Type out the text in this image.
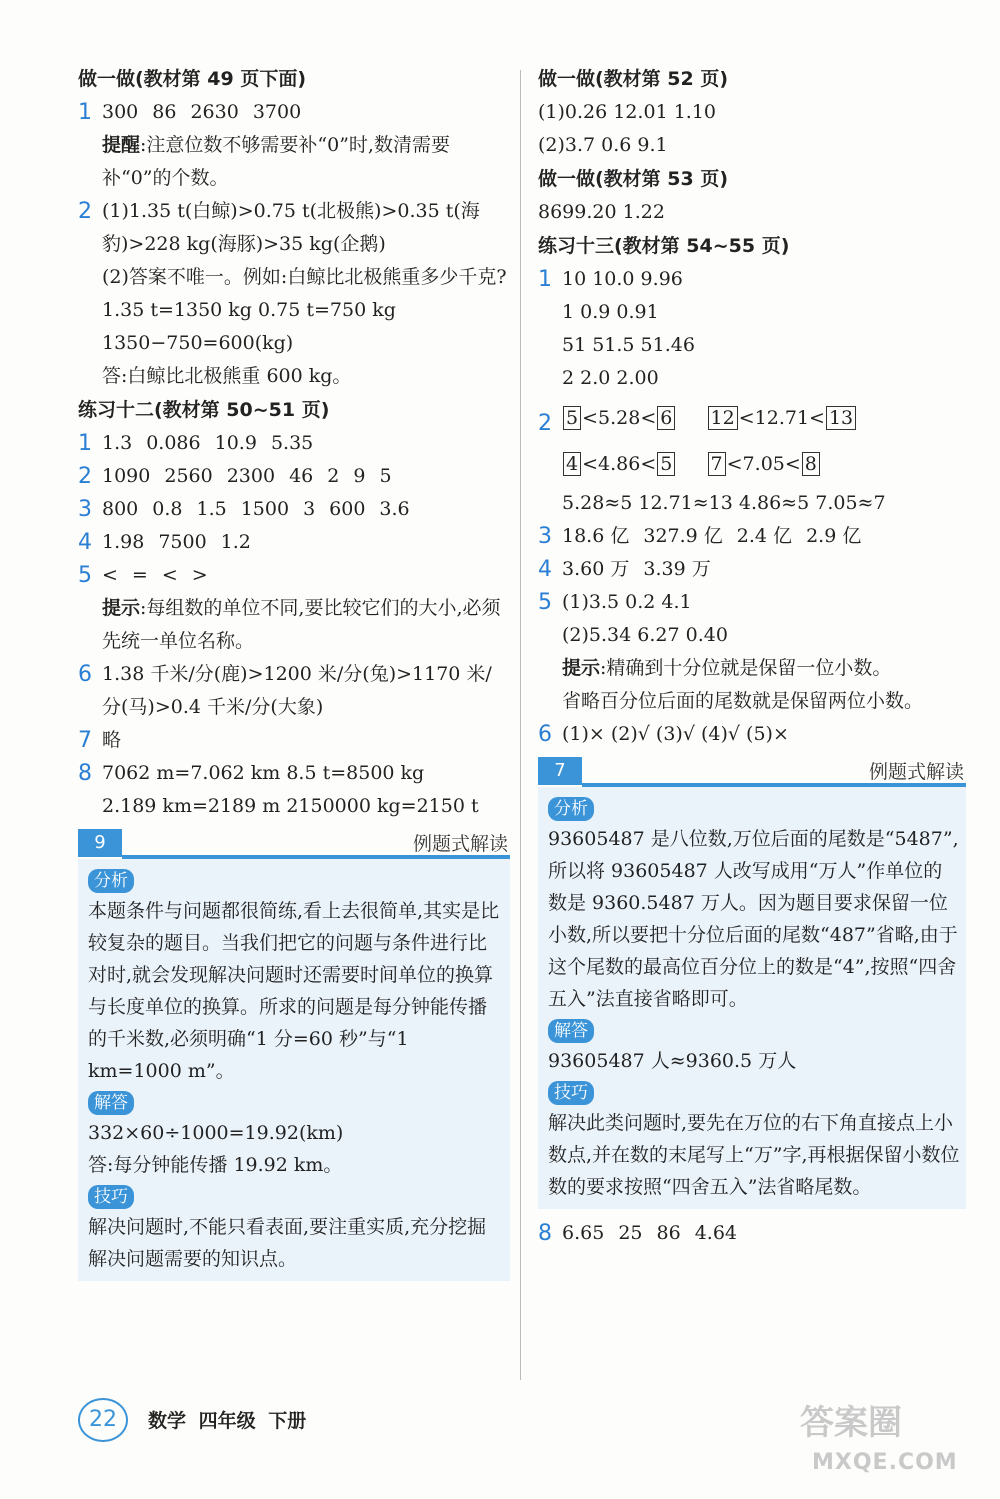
做一做(教材第 49 页下面)
1 300 86 2630 3700
提醒:注意位数不够需要补“0”时,数清需要补“0”的个数。
2 (1)1.35 t(白鲸)>0.75 t(北极熊)>0.35 t(海豹)>228 kg(海豚)>35 kg(企鹅)
(2)答案不唯一。例如:白鲸比北极熊重多少千克?
1.35 t=1350 kg 0.75 t=750 kg
1350−750=600(kg)
答:白鲸比北极熊重 600 kg。
练习十二(教材第 50~51 页)
1 1.3 0.086 10.9 5.35
2 1090 2560 2300 46 2 9 5
3 800 0.8 1.5 1500 3 600 3.6
4 1.98 7500 1.2
5 < = < >
提示:每组数的单位不同,要比较它们的大小,必须先统一单位名称。
6 1.38 千米/分(鹿)>1200 米/分(兔)>1170 米/分(马)>0.4 千米/分(大象)
7 略
8 7062 m=7.062 km 8.5 t=8500 kg
2.189 km=2189 m 2150000 kg=2150 t
9	例题式解读
分析
本题条件与问题都很简练,看上去很简单,其实是比较复杂的题目。当我们把它的问题与条件进行比对时,就会发现解决问题时还需要时间单位的换算与长度单位的换算。所求的问题是每分钟能传播的千米数,必须明确“1 分=60 秒”与“1 km=1000 m”。
解答
332×60÷1000=19.92(km)
答:每分钟能传播 19.92 km。
技巧
解决问题时,不能只看表面,要注重实质,充分挖掘解决问题需要的知识点。
做一做(教材第 52 页)
(1)0.26 12.01 1.10
(2)3.7 0.6 9.1
做一做(教材第 53 页)
8699.20 1.22
练习十三(教材第 54~55 页)
1 10 10.0 9.96
1 0.9 0.91
51 51.5 51.46
2 2.0 2.00
2 5 <5.28< 6 12 <12.71< 13
4 <4.86< 5 7 <7.05< 8
5.28≈5 12.71≈13 4.86≈5 7.05≈7
3 18.6 亿 327.9 亿 2.4 亿 2.9 亿
4 3.60 万 3.39 万
5 (1)3.5 0.2 4.1
(2)5.34 6.27 0.40
提示:精确到十分位就是保留一位小数。
省略百分位后面的尾数就是保留两位小数。
6 (1)× (2)√ (3)√ (4)√ (5)×
7	例题式解读
分析
93605487 是八位数,万位后面的尾数是“5487”,所以将 93605487 人改写成用“万人”作单位的数是 9360.5487 万人。因为题目要求保留一位小数,所以要把十分位后面的尾数“487”省略,由于这个尾数的最高位百分位上的数是“4”,按照“四舍五入”法直接省略即可。
解答
93605487 人≈9360.5 万人
技巧
解决此类问题时,要先在万位的右下角直接点上小数点,并在数的末尾写上“万”字,再根据保留小数位数的要求按照“四舍五入”法省略尾数。
8 6.65 25 86 4.64
22	数学 四年级 下册	答案圈
MXQE.COM
